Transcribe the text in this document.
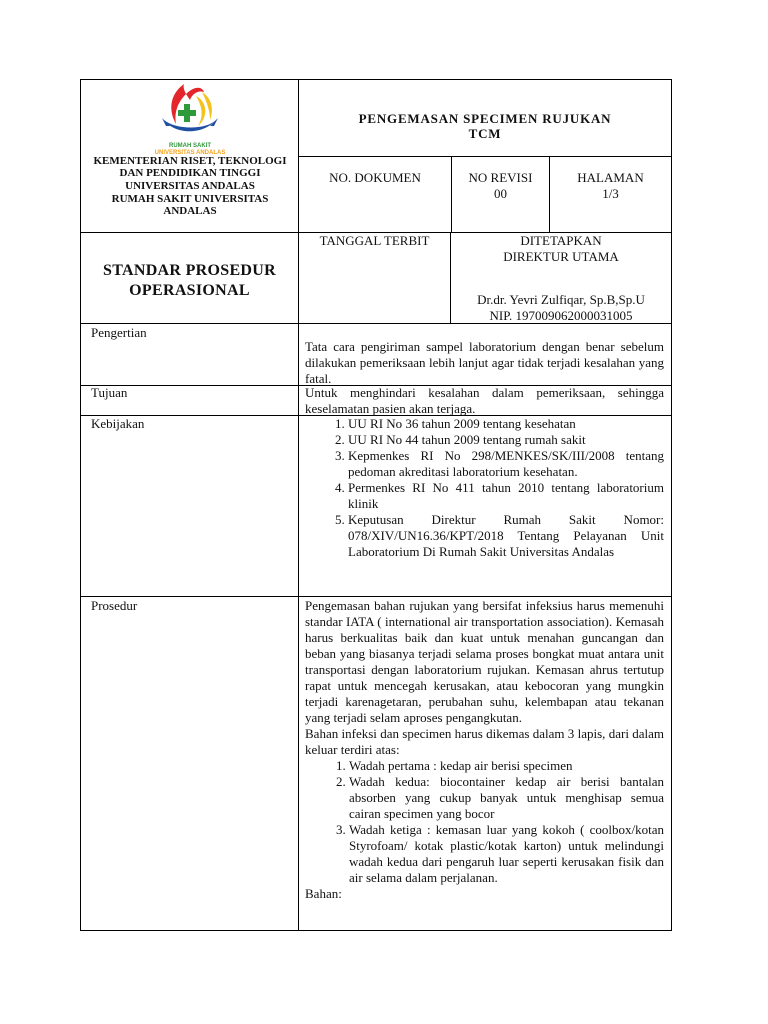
RUMAH SAKIT
UNIVERSITAS ANDALAS
KEMENTERIAN RISET, TEKNOLOGI
DAN PENDIDIKAN TINGGI
UNIVERSITAS ANDALAS
RUMAH SAKIT UNIVERSITAS
ANDALAS
PENGEMASAN SPECIMEN RUJUKAN
TCM
NO. DOKUMEN	NO REVISI
00
HALAMAN
1/3
STANDAR PROSEDUR
OPERASIONAL
TANGGAL TERBIT	DITETAPKAN
DIREKTUR UTAMA
Dr.dr. Yevri Zulfiqar, Sp.B,Sp.U
NIP. 197009062000031005
Pengertian
Tata cara pengiriman sampel laboratorium dengan benar sebelum dilakukan pemeriksaan lebih lanjut agar tidak terjadi kesalahan yang fatal.
Tujuan	Untuk menghindari kesalahan dalam pemeriksaan, sehingga keselamatan pasien akan terjaga.
Kebijakan
1.	UU RI No 36 tahun 2009 tentang kesehatan
2. UU RI No 44 tahun 2009 tentang rumah sakit
3. Kepmenkes RI No 298/MENKES/SK/III/2008 tentang pedoman akreditasi laboratorium kesehatan.
4. Permenkes RI No 411 tahun 2010 tentang laboratorium klinik
5. Keputusan Direktur Rumah Sakit Nomor: 078/XIV/UN16.36/KPT/2018 Tentang Pelayanan Unit Laboratorium Di Rumah Sakit Universitas Andalas
Prosedur	Pengemasan bahan rujukan yang bersifat infeksius harus memenuhi standar IATA ( international air transportation association). Kemasah harus berkualitas baik dan kuat untuk menahan guncangan dan beban yang biasanya terjadi selama proses bongkat muat antara unit transportasi dengan laboratorium rujukan. Kemasan ahrus tertutup rapat untuk mencegah kerusakan, atau kebocoran yang mungkin terjadi karenagetaran, perubahan suhu, kelembapan atau tekanan yang terjadi selam aproses pengangkutan.

Bahan infeksi dan specimen harus dikemas dalam 3 lapis, dari dalam keluar terdiri atas:

1. Wadah pertama : kedap air berisi specimen
2. Wadah kedua: biocontainer kedap air berisi bantalan absorben yang cukup banyak untuk menghisap semua cairan specimen yang bocor
3. Wadah ketiga : kemasan luar yang kokoh ( coolbox/kotan Styrofoam/ kotak plastic/kotak karton) untuk melindungi wadah kedua dari pengaruh luar seperti kerusakan fisik dan air selama dalam perjalanan.

Bahan:
